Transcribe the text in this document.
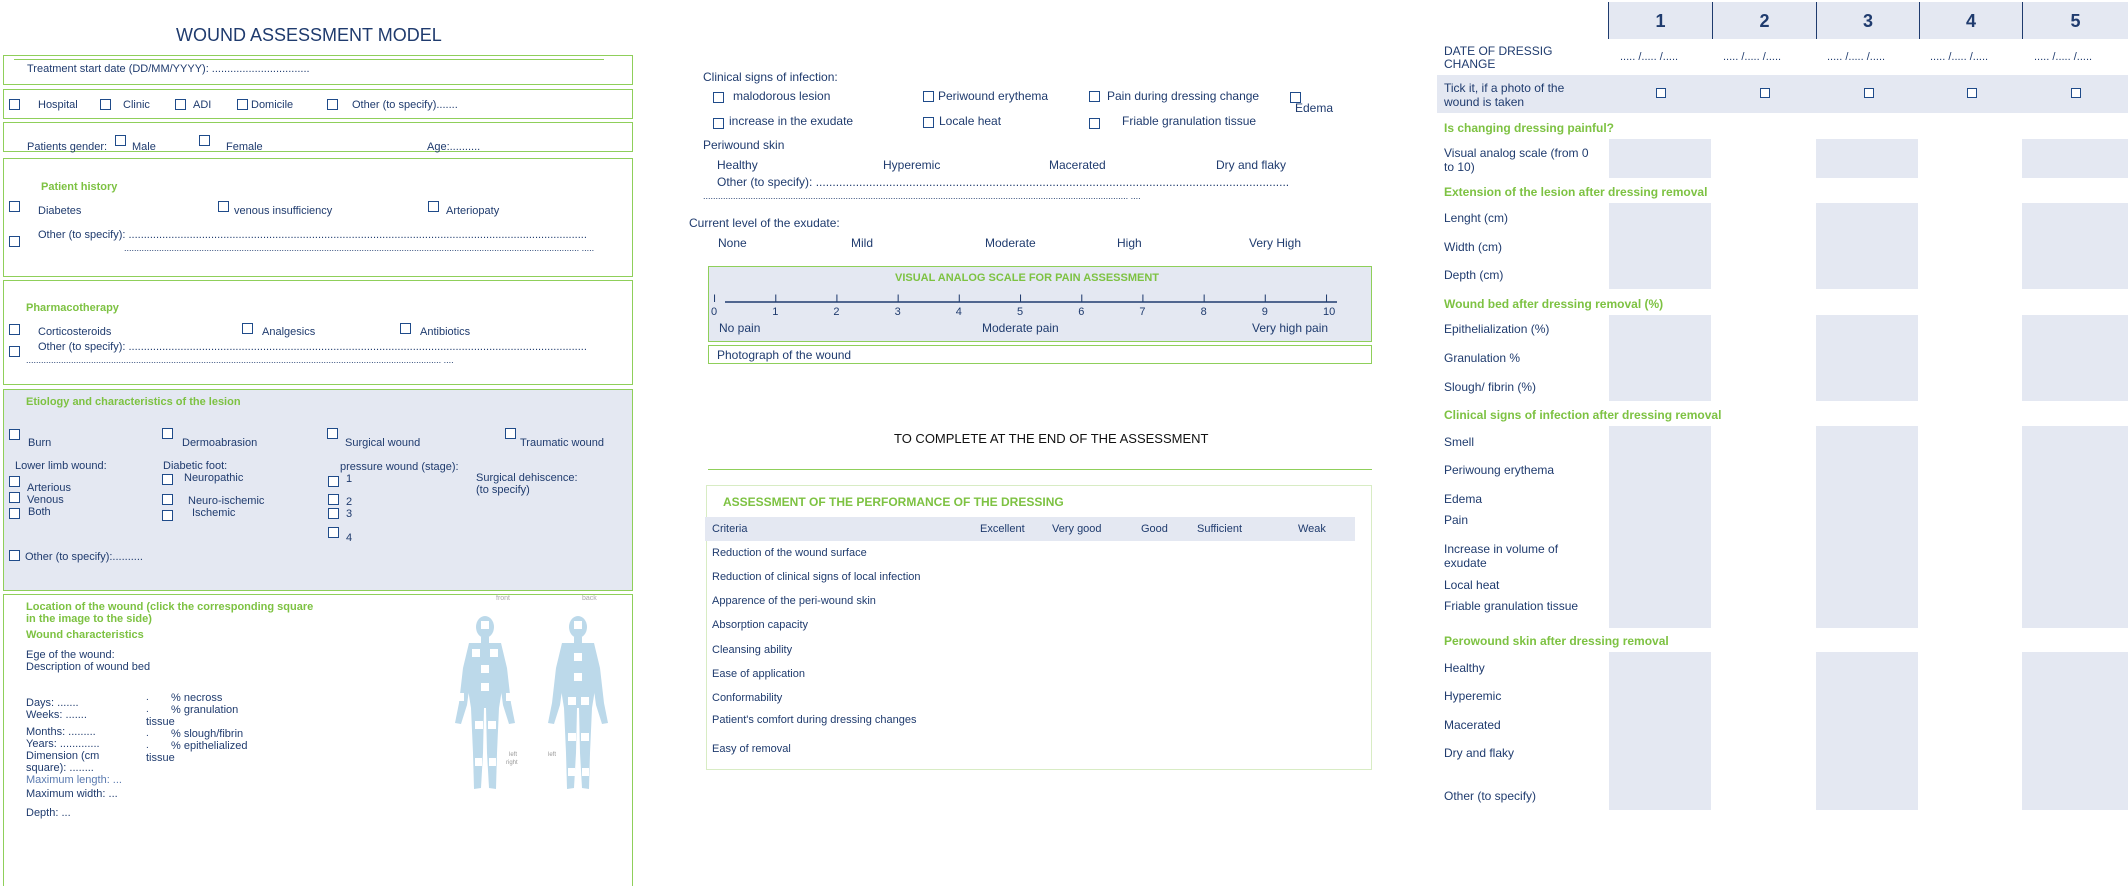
WOUND ASSESSMENT MODEL
Treatment start date (DD/MM/YYYY): ................................
Hospital	Clinic	ADI	Domicile	Other (to specify).......
Patients gender: Male	Female	Age:..........
Patient history
Diabetes	venous insufficiency	Arteriopaty
Other (to specify): ......................................................................................................................................................
...................................................................................................................................................................................... .....
Pharmacotherapy
Corticosteroids	Analgesics	Antibiotics
Other (to specify): ......................................................................................................................................................
...................................................................................................................................................................... ....
Etiology and characteristics of the lesion
Burn	Dermoabrasion	Surgical wound	Traumatic wound
Lower limb wound:
Arterious
Venous
Both
Diabetic foot:
Neuropathic
Neuro-ischemic
Ischemic
pressure wound (stage):
1
2
3
4
Surgical dehiscence:
(to specify)
Other (to specify):..........
Location of the wound (click the corresponding square
in the image to the side)
Wound characteristics
Ege of the wound:
Description of wound bed
Days: .......
Weeks: .......
Months: .........
Years: .............
Dimension (cm
square): ........
Maximum length: ...
Maximum width: ...
Depth: ...
. % necross
. % granulation
tissue
. % slough/fibrin
. % epithelialized
tissue
front	back
left
right
left
Clinical signs of infection:
malodorous lesion	Periwound erythema	Pain during dressing change
Edema
increase in the exudate	Locale heat	Friable granulation tissue
Periwound skin
Healthy	Hyperemic	Macerated	Dry and flaky
Other (to specify): ..............................................................................................................................................
.......................................................................................................................................................................... ....
Current level of the exudate:
None	Mild	Moderate	High	Very High
VISUAL ANALOG SCALE FOR PAIN ASSESSMENT
I
0
I
1
I
2
I
3
I
4
I
5
I
6
I
7
I
8
I
9
I
10
No pain	Moderate pain	Very high pain
Photograph of the wound
TO COMPLETE AT THE END OF THE ASSESSMENT
ASSESSMENT OF THE PERFORMANCE OF THE DRESSING
Criteria	Excellent Very good	Good	Sufficient	Weak
Reduction of the wound surface
Reduction of clinical signs of local infection
Apparence of the peri-wound skin
Absorption capacity
Cleansing ability
Ease of application
Conformability
Patient's comfort during dressing changes
Easy of removal
1	2	3	4	5
DATE OF DRESSIG
CHANGE	..... /..... /.....	..... /..... /.....	..... /..... /.....	..... /..... /.....	..... /..... /.....
Tick it, if a photo of the
wound is taken
Is changing dressing painful?
Visual analog scale (from 0
to 10)
Extension of the lesion after dressing removal
Lenght (cm)
Width (cm)
Depth (cm)
Wound bed after dressing removal (%)
Epithelialization (%)
Granulation %
Slough/ fibrin (%)
Clinical signs of infection after dressing removal
Smell
Periwoung erythema
Edema
Pain
Increase in volume of
exudate
Local heat
Friable granulation tissue
Perowound skin after dressing removal
Healthy
Hyperemic
Macerated
Dry and flaky
Other (to specify)
